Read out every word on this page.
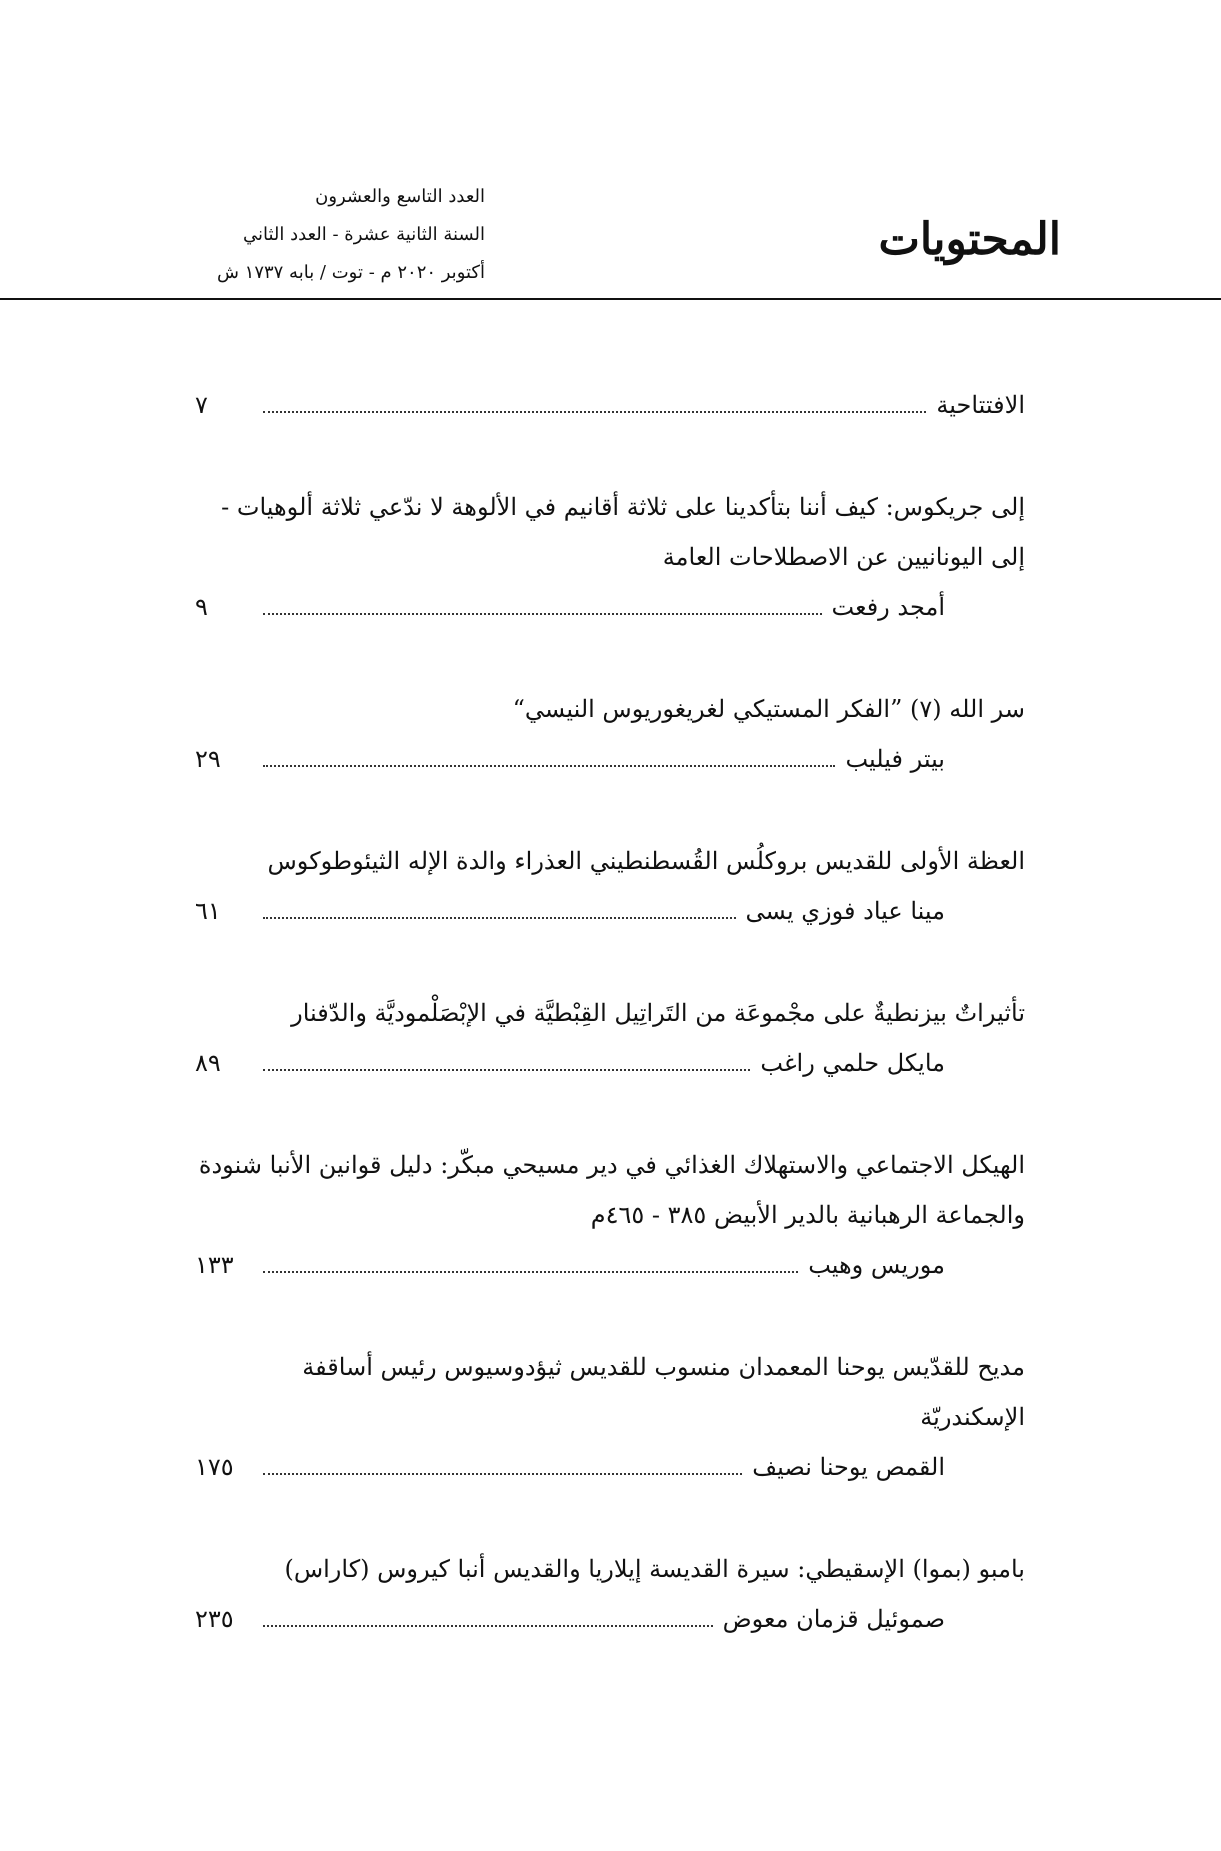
المحتويات
العدد التاسع والعشرون
السنة الثانية عشرة - العدد الثاني
أكتوبر ٢٠٢٠ م - توت / بابه ١٧٣٧ ش
الافتتاحية
٧
إلى جريكوس: كيف أننا بتأكدينا على ثلاثة أقانيم في الألوهة لا ندّعي ثلاثة ألوهيات - إلى اليونانيين عن الاصطلاحات العامة
أمجد رفعت
٩
سر الله (٧) ”الفكر المستيكي لغريغوريوس النيسي“
بيتر فيليب
٢٩
العظة الأولى للقديس بروكلُس القُسطنطيني العذراء والدة الإله الثيئوطوكوس
مينا عياد فوزي يسى
٦١
تأثيراتٌ بيزنطيةٌ على مجْموعَة من التَراتِيل القِبْطيَّة في الإبْصَلْموديَّة والدّفنار
مايكل حلمي راغب
٨٩
الهيكل الاجتماعي والاستهلاك الغذائي في دير مسيحي مبكّر: دليل قوانين الأنبا شنودة والجماعة الرهبانية بالدير الأبيض ٣٨٥ - ٤٦٥م
موريس وهيب
١٣٣
مديح للقدّيس يوحنا المعمدان منسوب للقديس ثيؤدوسيوس رئيس أساقفة الإسكندريّة
القمص يوحنا نصيف
١٧٥
بامبو (بموا) الإسقيطي: سيرة القديسة إيلاريا والقديس أنبا كيروس (كاراس)
صموئيل قزمان معوض
٢٣٥
